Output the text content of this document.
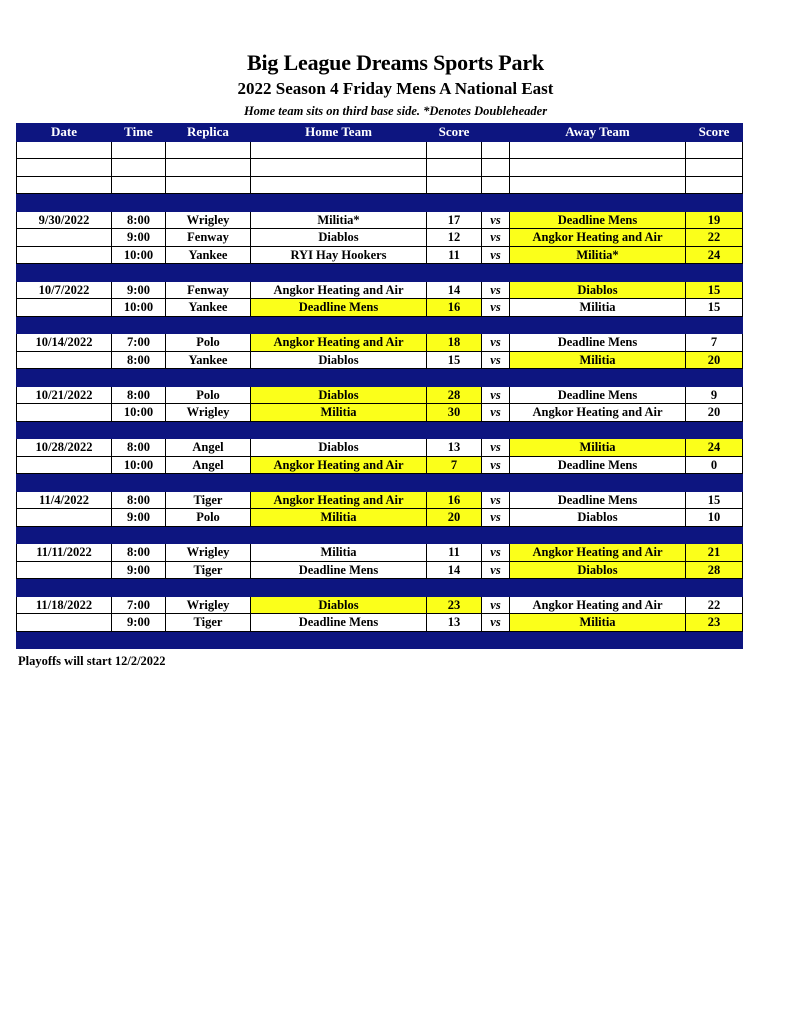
Big League Dreams Sports Park
2022 Season 4 Friday Mens A National East
Home team sits on third base side. *Denotes Doubleheader
Date	Time	Replica	Home Team	Score		Away Team	Score

9/30/2022	8:00	Wrigley	Militia*	17	vs	Deadline Mens	19
	9:00	Fenway	Diablos	12	vs	Angkor Heating and Air	22
	10:00	Yankee	RYI Hay Hookers	11	vs	Militia*	24

10/7/2022	9:00	Fenway	Angkor Heating and Air	14	vs	Diablos	15
	10:00	Yankee	Deadline Mens	16	vs	Militia	15

10/14/2022	7:00	Polo	Angkor Heating and Air	18	vs	Deadline Mens	7
	8:00	Yankee	Diablos	15	vs	Militia	20

10/21/2022	8:00	Polo	Diablos	28	vs	Deadline Mens	9
	10:00	Wrigley	Militia	30	vs	Angkor Heating and Air	20

10/28/2022	8:00	Angel	Diablos	13	vs	Militia	24
	10:00	Angel	Angkor Heating and Air	7	vs	Deadline Mens	0

11/4/2022	8:00	Tiger	Angkor Heating and Air	16	vs	Deadline Mens	15
	9:00	Polo	Militia	20	vs	Diablos	10

11/11/2022	8:00	Wrigley	Militia	11	vs	Angkor Heating and Air	21
	9:00	Tiger	Deadline Mens	14	vs	Diablos	28

11/18/2022	7:00	Wrigley	Diablos	23	vs	Angkor Heating and Air	22
	9:00	Tiger	Deadline Mens	13	vs	Militia	23

Playoffs will start 12/2/2022
